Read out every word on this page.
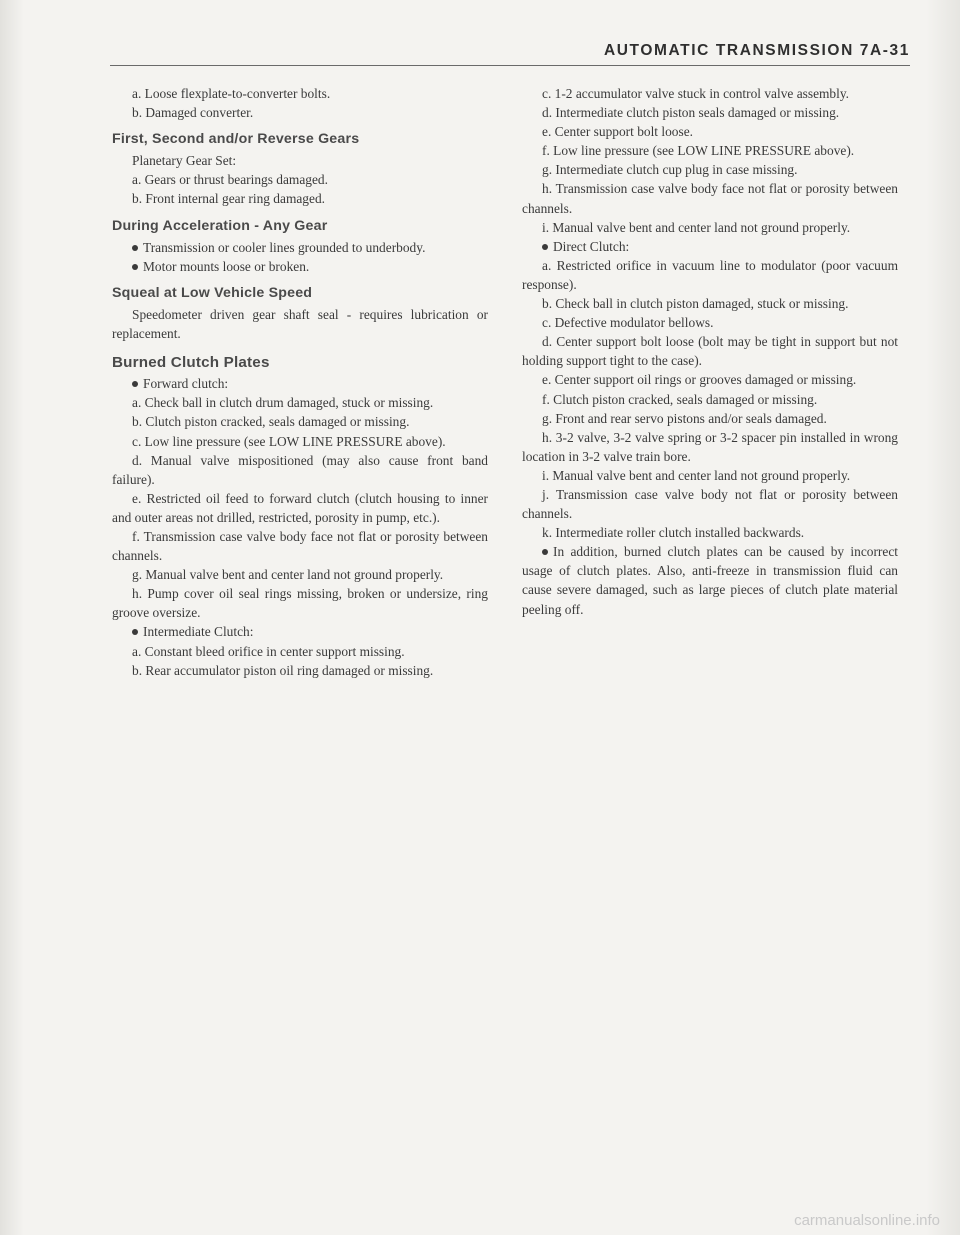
AUTOMATIC TRANSMISSION 7A-31

a. Loose flexplate-to-converter bolts.

b. Damaged converter.

First, Second and/or Reverse Gears

Planetary Gear Set:

a. Gears or thrust bearings damaged.

b. Front internal gear ring damaged.

During Acceleration - Any Gear

Transmission or cooler lines grounded to underbody.

Motor mounts loose or broken.

Squeal at Low Vehicle Speed

Speedometer driven gear shaft seal - requires lubrication or replacement.

Burned Clutch Plates

Forward clutch:

a. Check ball in clutch drum damaged, stuck or missing.

b. Clutch piston cracked, seals damaged or missing.

c. Low line pressure (see LOW LINE PRESSURE above).

d. Manual valve mispositioned (may also cause front band failure).

e. Restricted oil feed to forward clutch (clutch housing to inner and outer areas not drilled, restricted, porosity in pump, etc.).

f. Transmission case valve body face not flat or porosity between channels.

g. Manual valve bent and center land not ground properly.

h. Pump cover oil seal rings missing, broken or undersize, ring groove oversize.

Intermediate Clutch:

a. Constant bleed orifice in center support missing.

b. Rear accumulator piston oil ring damaged or missing.

c. 1-2 accumulator valve stuck in control valve assembly.

d. Intermediate clutch piston seals damaged or missing.

e. Center support bolt loose.

f. Low line pressure (see LOW LINE PRESSURE above).

g. Intermediate clutch cup plug in case missing.

h. Transmission case valve body face not flat or porosity between channels.

i. Manual valve bent and center land not ground properly.

Direct Clutch:

a. Restricted orifice in vacuum line to modulator (poor vacuum response).

b. Check ball in clutch piston damaged, stuck or missing.

c. Defective modulator bellows.

d. Center support bolt loose (bolt may be tight in support but not holding support tight to the case).

e. Center support oil rings or grooves damaged or missing.

f. Clutch piston cracked, seals damaged or missing.

g. Front and rear servo pistons and/or seals damaged.

h. 3-2 valve, 3-2 valve spring or 3-2 spacer pin installed in wrong location in 3-2 valve train bore.

i. Manual valve bent and center land not ground properly.

j. Transmission case valve body not flat or porosity between channels.

k. Intermediate roller clutch installed backwards.

In addition, burned clutch plates can be caused by incorrect usage of clutch plates. Also, anti-freeze in transmission fluid can cause severe damaged, such as large pieces of clutch plate material peeling off.

carmanualsonline.info
